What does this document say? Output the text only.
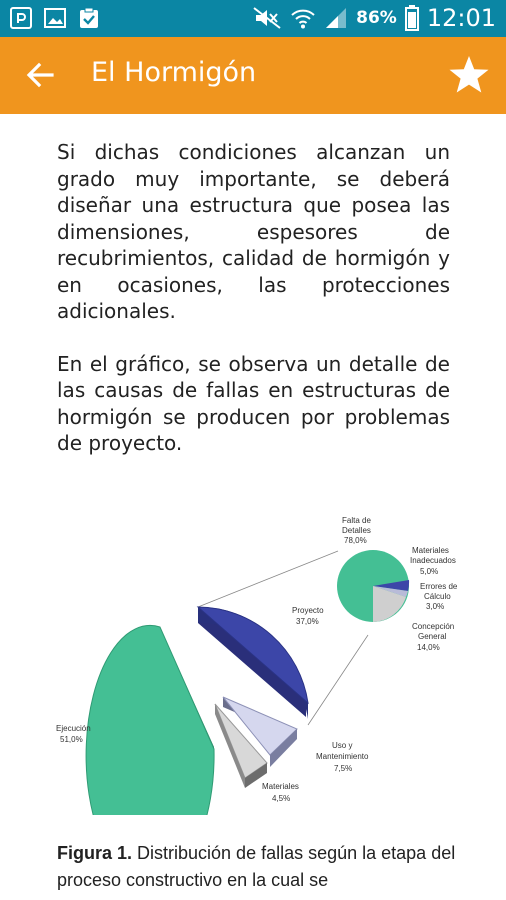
86% 12:01
El Hormigón

Si dichas condiciones alcanzan un grado muy importante, se deberá diseñar una estructura que posea las dimensiones, espesores de recubrimientos, calidad de hormigón y en ocasiones, las protecciones adicionales.

En el gráfico, se observa un detalle de las causas de fallas en estructuras de hormigón se producen por problemas de proyecto.

Falta de
Detalles
78,0%
Materiales
Inadecuados
5,0%
Errores de
Cálculo
3,0%
Concepción
General
14,0%
Proyecto
37,0%
Ejecución
51,0%
Uso y
Mantenimiento
7,5%
Materiales
4,5%
Figura 1. Distribución de fallas según la etapa del proceso constructivo en la cual se
